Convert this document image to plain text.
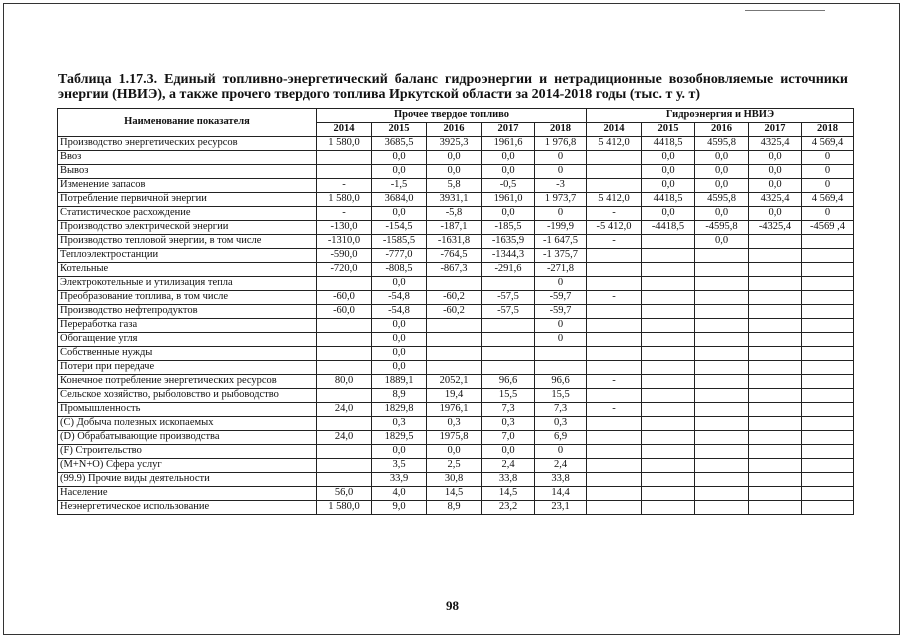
Таблица 1.17.3. Единый топливно-энергетический баланс гидроэнергии и нетрадиционные возобновляемые источники энергии (НВИЭ), а также прочего твердого топлива Иркутской области за 2014-2018 годы (тыс. т у. т)
Наименование показателя	Прочее твердое топливо					Гидроэнергия и НВИЭ				
	2014	2015	2016	2017	2018	2014	2015	2016	2017	2018
Производство энергетических ресурсов	1 580,0	3685,5	3925,3	1961,6	1 976,8	5 412,0	4418,5	4595,8	4325,4	4 569,4
Ввоз		0,0	0,0	0,0	0		0,0	0,0	0,0	0
Вывоз		0,0	0,0	0,0	0		0,0	0,0	0,0	0
Изменение запасов	-	-1,5	5,8	-0,5	-3		0,0	0,0	0,0	0
Потребление первичной энергии	1 580,0	3684,0	3931,1	1961,0	1 973,7	5 412,0	4418,5	4595,8	4325,4	4 569,4
Статистическое расхождение	-	0,0	-5,8	0,0	0	-	0,0	0,0	0,0	0
Производство электрической энергии	-130,0	-154,5	-187,1	-185,5	-199,9	-5 412,0	-4418,5	-4595,8	-4325,4	-4569 ,4
Производство тепловой энергии, в том числе	-1310,0	-1585,5	-1631,8	-1635,9	-1 647,5	-		0,0		
Теплоэлектростанции	-590,0	-777,0	-764,5	-1344,3	-1 375,7					
Котельные	-720,0	-808,5	-867,3	-291,6	-271,8					
Электрокотельные и утилизация тепла		0,0			0					
Преобразование топлива, в том числе	-60,0	-54,8	-60,2	-57,5	-59,7	-				
Производство нефтепродуктов	-60,0	-54,8	-60,2	-57,5	-59,7					
Переработка газа		0,0			0					
Обогащение угля		0,0			0					
Собственные нужды		0,0								
Потери при передаче		0,0								
Конечное потребление энергетических ресурсов	80,0	1889,1	2052,1	96,6	96,6	-				
Сельское хозяйство, рыболовство и рыбоводство		8,9	19,4	15,5	15,5					
Промышленность	24,0	1829,8	1976,1	7,3	7,3	-				
(C) Добыча полезных ископаемых		0,3	0,3	0,3	0,3					
(D) Обрабатывающие производства	24,0	1829,5	1975,8	7,0	6,9					
(F) Строительство		0,0	0,0	0,0	0					
(M+N+O) Сфера услуг		3,5	2,5	2,4	2,4					
(99.9) Прочие виды деятельности		33,9	30,8	33,8	33,8					
Население	56,0	4,0	14,5	14,5	14,4					
Неэнергетическое использование	1 580,0	9,0	8,9	23,2	23,1					
98
